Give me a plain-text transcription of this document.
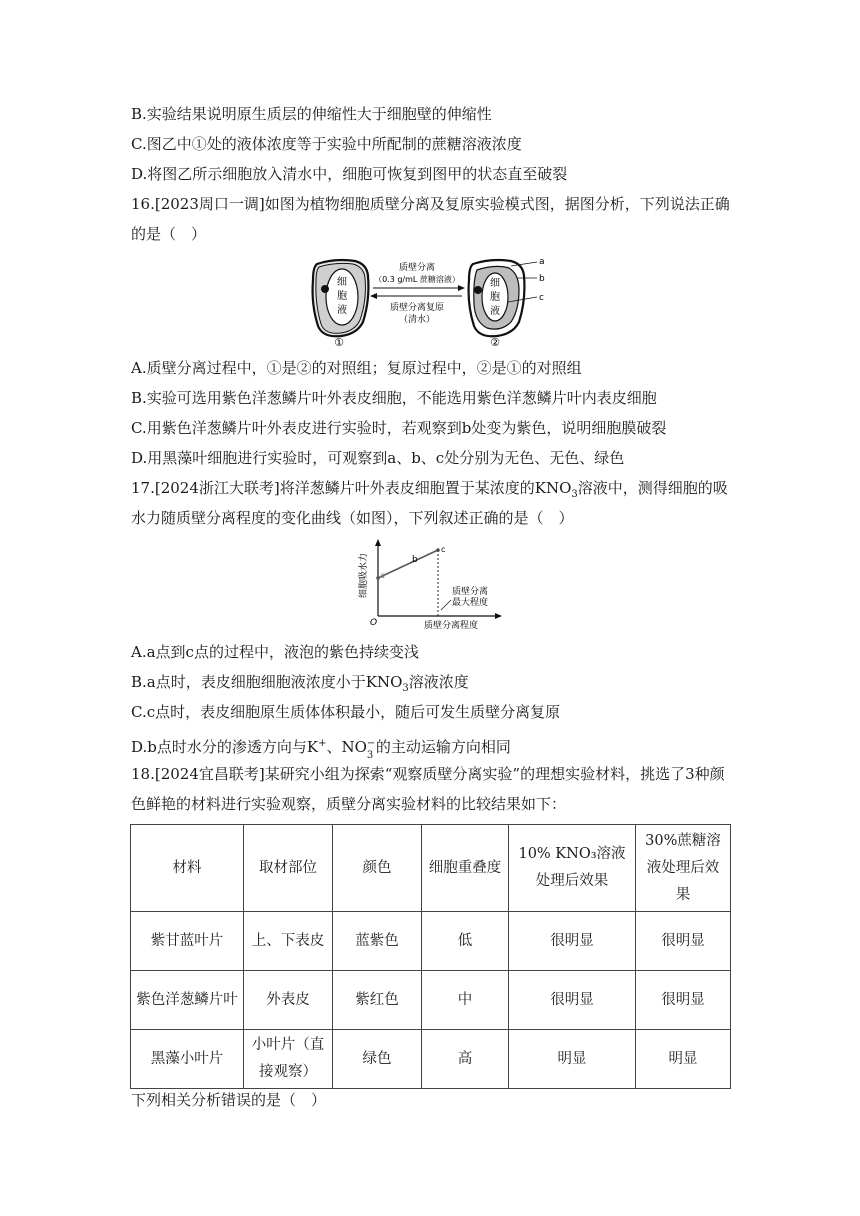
B.实验结果说明原生质层的伸缩性大于细胞壁的伸缩性
C.图乙中①处的液体浓度等于实验中所配制的蔗糖溶液浓度
D.将图乙所示细胞放入清水中，细胞可恢复到图甲的状态直至破裂
16.[2023周口一调]如图为植物细胞质壁分离及复原实验模式图，据图分析，下列说法正确
的是（　）
细
胞
液
①
质壁分离
（0.3 g/mL 蔗糖溶液）
质壁分离复原
（清水）
细
胞
液
a
b
c
②
A.质壁分离过程中，①是②的对照组；复原过程中，②是①的对照组
B.实验可选用紫色洋葱鳞片叶外表皮细胞，不能选用紫色洋葱鳞片叶内表皮细胞
C.用紫色洋葱鳞片叶外表皮进行实验时，若观察到b处变为紫色，说明细胞膜破裂
D.用黑藻叶细胞进行实验时，可观察到a、b、c处分别为无色、无色、绿色
17.[2024浙江大联考]将洋葱鳞片叶外表皮细胞置于某浓度的$KNO_3$溶液中，测得细胞的吸
水力随质壁分离程度的变化曲线（如图），下列叙述正确的是（　）
细胞吸水力 a
b
c
质壁分离
最大程度
O	质壁分离程度
A.a点到c点的过程中，液泡的紫色持续变浅
B.a点时，表皮细胞细胞液浓度小于$KNO_3$溶液浓度
C.c点时，表皮细胞原生质体体积最小，随后可发生质壁分离复原
D.b点时水分的渗透方向与K+、NO −
3 的主动运输方向相同
18.[2024宜昌联考]某研究小组为探索“观察质壁分离实验”的理想实验材料，挑选了3种颜
色鲜艳的材料进行实验观察，质壁分离实验材料的比较结果如下：
材料	取材部位	颜色	细胞重叠度	10% KNO₃溶液处理后效果	30%蔗糖溶液处理后效果
紫甘蓝叶片	上、下表皮	蓝紫色	低	很明显	很明显
紫色洋葱鳞片叶	外表皮	紫红色	中	很明显	很明显
黑藻小叶片	小叶片（直接观察）	绿色	高	明显	明显
下列相关分析错误的是（　）
